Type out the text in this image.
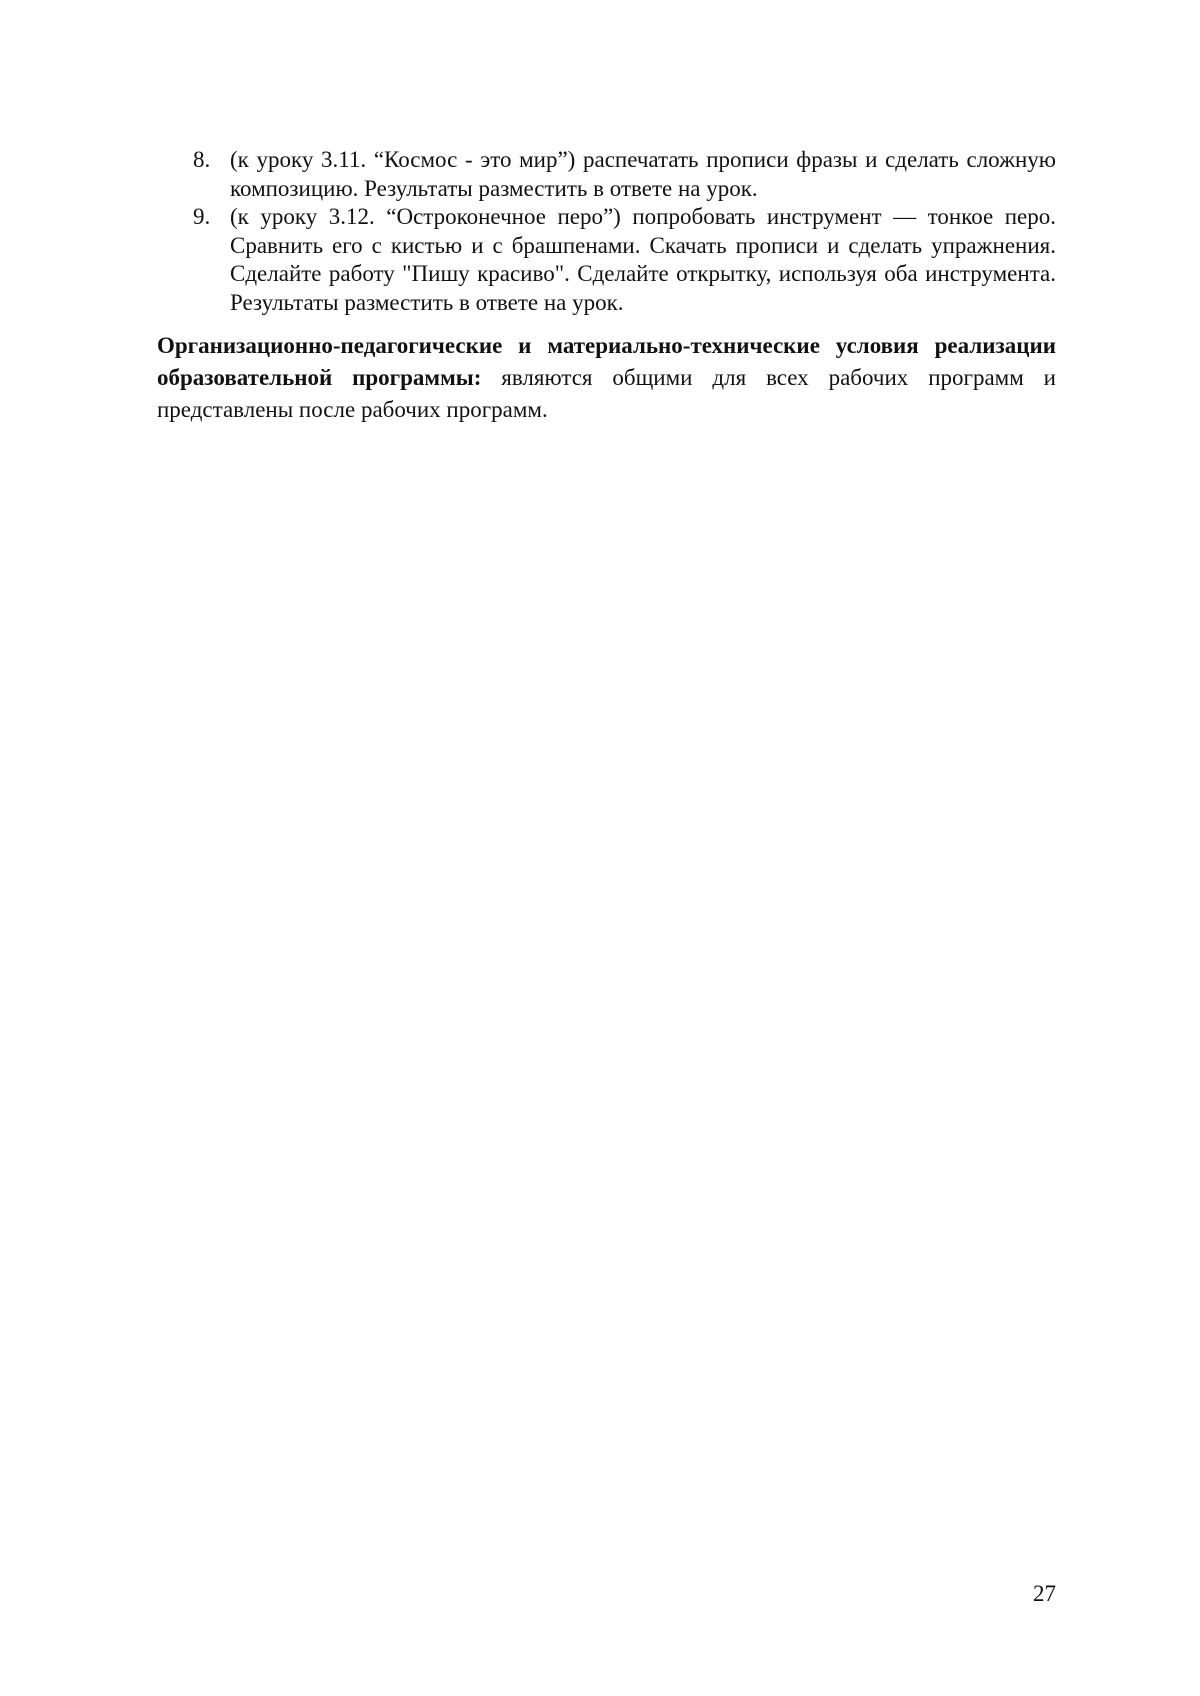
8. (к уроку 3.11. “Космос - это мир”) распечатать прописи фразы и сделать сложную композицию. Результаты разместить в ответе на урок.
9. (к уроку 3.12. “Остроконечное перо”) попробовать инструмент — тонкое перо. Сравнить его с кистью и с брашпенами. Скачать прописи и сделать упражнения. Сделайте работу "Пишу красиво". Сделайте открытку, используя оба инструмента. Результаты разместить в ответе на урок.
Организационно-педагогические и материально-технические условия реализации образовательной программы: являются общими для всех рабочих программ и представлены после рабочих программ.
27
